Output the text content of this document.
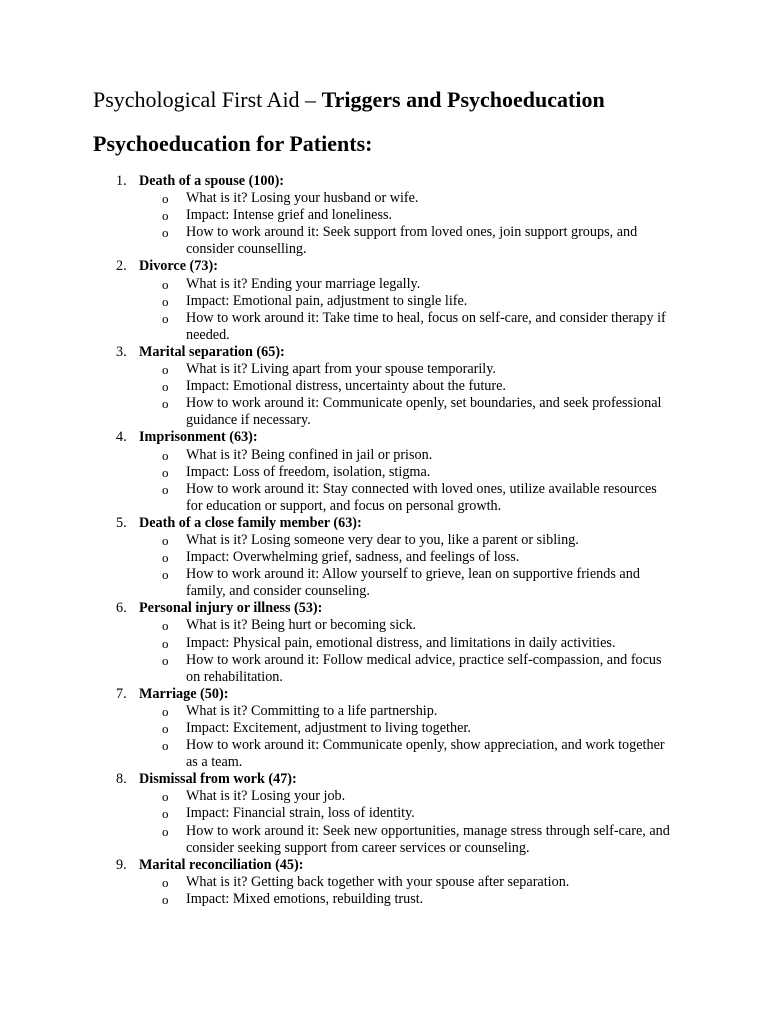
Psychological First Aid – Triggers and Psychoeducation
Psychoeducation for Patients:
1. Death of a spouse (100):
o What is it? Losing your husband or wife.
o Impact: Intense grief and loneliness.
o How to work around it: Seek support from loved ones, join support groups, and consider counselling.
2. Divorce (73):
o What is it? Ending your marriage legally.
o Impact: Emotional pain, adjustment to single life.
o How to work around it: Take time to heal, focus on self-care, and consider therapy if needed.
3. Marital separation (65):
o What is it? Living apart from your spouse temporarily.
o Impact: Emotional distress, uncertainty about the future.
o How to work around it: Communicate openly, set boundaries, and seek professional guidance if necessary.
4. Imprisonment (63):
o What is it? Being confined in jail or prison.
o Impact: Loss of freedom, isolation, stigma.
o How to work around it: Stay connected with loved ones, utilize available resources for education or support, and focus on personal growth.
5. Death of a close family member (63):
o What is it? Losing someone very dear to you, like a parent or sibling.
o Impact: Overwhelming grief, sadness, and feelings of loss.
o How to work around it: Allow yourself to grieve, lean on supportive friends and family, and consider counseling.
6. Personal injury or illness (53):
o What is it? Being hurt or becoming sick.
o Impact: Physical pain, emotional distress, and limitations in daily activities.
o How to work around it: Follow medical advice, practice self-compassion, and focus on rehabilitation.
7. Marriage (50):
o What is it? Committing to a life partnership.
o Impact: Excitement, adjustment to living together.
o How to work around it: Communicate openly, show appreciation, and work together as a team.
8. Dismissal from work (47):
o What is it? Losing your job.
o Impact: Financial strain, loss of identity.
o How to work around it: Seek new opportunities, manage stress through self-care, and consider seeking support from career services or counseling.
9. Marital reconciliation (45):
o What is it? Getting back together with your spouse after separation.
o Impact: Mixed emotions, rebuilding trust.
